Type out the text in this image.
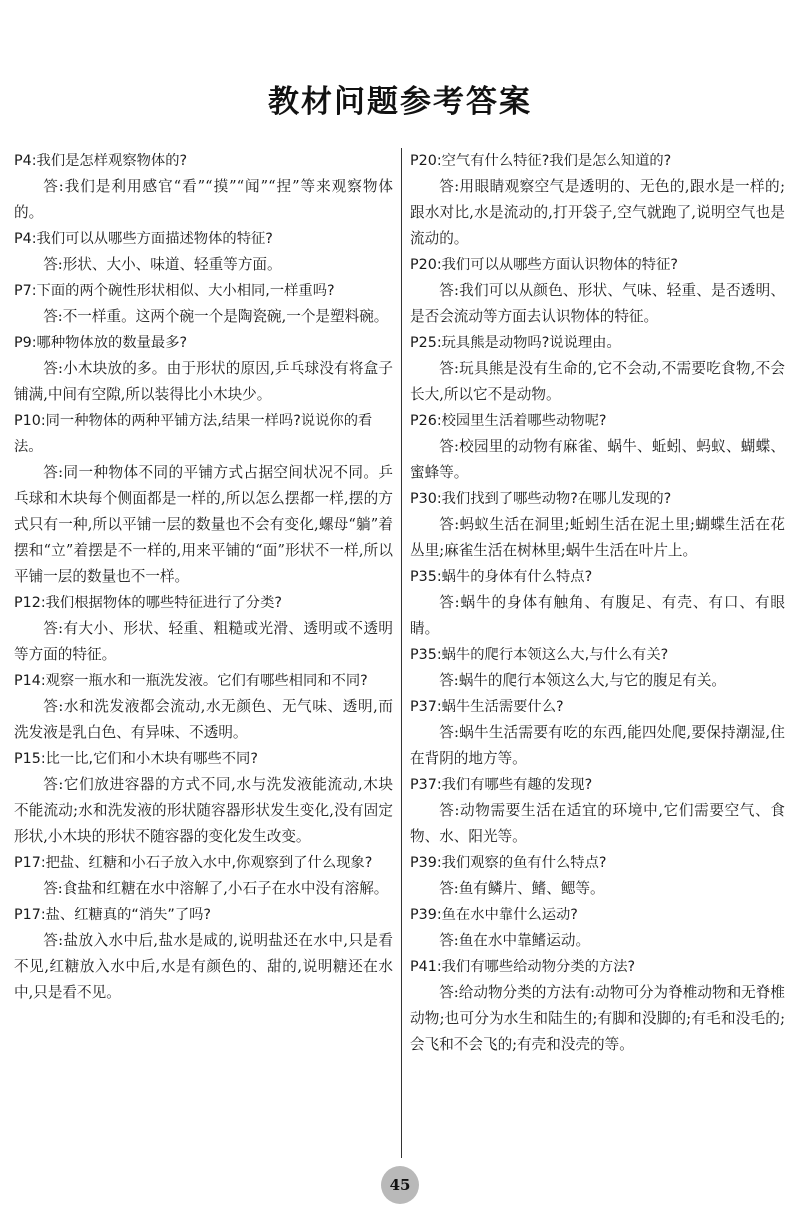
教材问题参考答案

P4:我们是怎样观察物体的?

答:我们是利用感官“看”“摸”“闻”“捏”等来观察物体的。

P4:我们可以从哪些方面描述物体的特征?

答:形状、大小、味道、轻重等方面。

P7:下面的两个碗性形状相似、大小相同,一样重吗?

答:不一样重。这两个碗一个是陶瓷碗,一个是塑料碗。

P9:哪种物体放的数量最多?

答:小木块放的多。由于形状的原因,乒乓球没有将盒子铺满,中间有空隙,所以装得比小木块少。

P10:同一种物体的两种平铺方法,结果一样吗?说说你的看法。

答:同一种物体不同的平铺方式占据空间状况不同。乒乓球和木块每个侧面都是一样的,所以怎么摆都一样,摆的方式只有一种,所以平铺一层的数量也不会有变化,螺母“躺”着摆和“立”着摆是不一样的,用来平铺的“面”形状不一样,所以平铺一层的数量也不一样。

P12:我们根据物体的哪些特征进行了分类?

答:有大小、形状、轻重、粗糙或光滑、透明或不透明等方面的特征。

P14:观察一瓶水和一瓶洗发液。它们有哪些相同和不同?

答:水和洗发液都会流动,水无颜色、无气味、透明,而洗发液是乳白色、有异味、不透明。

P15:比一比,它们和小木块有哪些不同?

答:它们放进容器的方式不同,水与洗发液能流动,木块不能流动;水和洗发液的形状随容器形状发生变化,没有固定形状,小木块的形状不随容器的变化发生改变。

P17:把盐、红糖和小石子放入水中,你观察到了什么现象?

答:食盐和红糖在水中溶解了,小石子在水中没有溶解。

P17:盐、红糖真的“消失”了吗?

答:盐放入水中后,盐水是咸的,说明盐还在水中,只是看不见,红糖放入水中后,水是有颜色的、甜的,说明糖还在水中,只是看不见。

P20:空气有什么特征?我们是怎么知道的?

答:用眼睛观察空气是透明的、无色的,跟水是一样的;跟水对比,水是流动的,打开袋子,空气就跑了,说明空气也是流动的。

P20:我们可以从哪些方面认识物体的特征?

答:我们可以从颜色、形状、气味、轻重、是否透明、是否会流动等方面去认识物体的特征。

P25:玩具熊是动物吗?说说理由。

答:玩具熊是没有生命的,它不会动,不需要吃食物,不会长大,所以它不是动物。

P26:校园里生活着哪些动物呢?

答:校园里的动物有麻雀、蜗牛、蚯蚓、蚂蚁、蝴蝶、蜜蜂等。

P30:我们找到了哪些动物?在哪儿发现的?

答:蚂蚁生活在洞里;蚯蚓生活在泥土里;蝴蝶生活在花丛里;麻雀生活在树林里;蜗牛生活在叶片上。

P35:蜗牛的身体有什么特点?

答:蜗牛的身体有触角、有腹足、有壳、有口、有眼睛。

P35:蜗牛的爬行本领这么大,与什么有关?

答:蜗牛的爬行本领这么大,与它的腹足有关。

P37:蜗牛生活需要什么?

答:蜗牛生活需要有吃的东西,能四处爬,要保持潮湿,住在背阴的地方等。

P37:我们有哪些有趣的发现?

答:动物需要生活在适宜的环境中,它们需要空气、食物、水、阳光等。

P39:我们观察的鱼有什么特点?

答:鱼有鳞片、鳍、鳃等。

P39:鱼在水中靠什么运动?

答:鱼在水中靠鳍运动。

P41:我们有哪些给动物分类的方法?

答:给动物分类的方法有:动物可分为脊椎动物和无脊椎动物;也可分为水生和陆生的;有脚和没脚的;有毛和没毛的;会飞和不会飞的;有壳和没壳的等。

45
